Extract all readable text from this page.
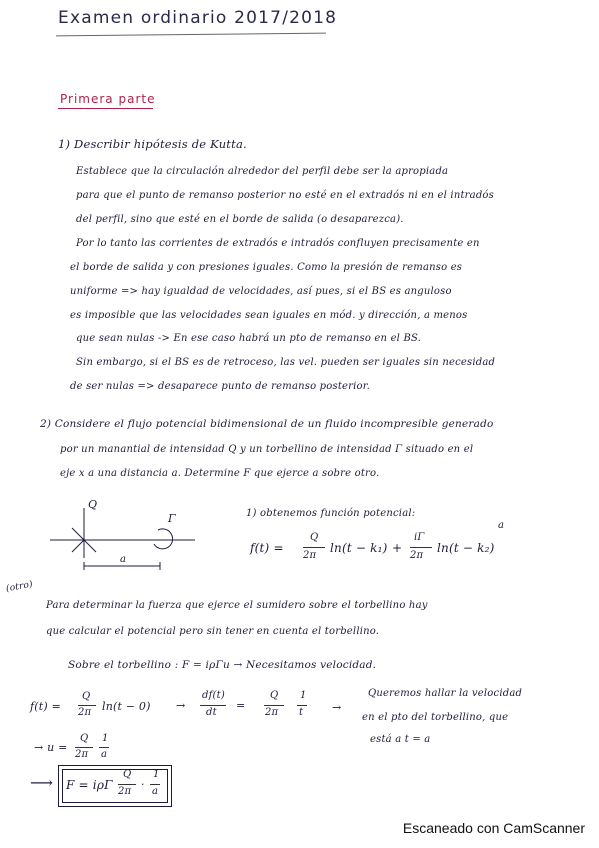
Examen ordinario 2017/2018
Primera parte
1) Describir hipótesis de Kutta.
Establece que la circulación alrededor del perfil debe ser la apropiada
para que el punto de remanso posterior no esté en el extradós ni en el intradós
del perfil, sino que esté en el borde de salida (o desaparezca).
Por lo tanto las corrientes de extradós e intradós confluyen precisamente en
el borde de salida y con presiones iguales. Como la presión de remanso es
uniforme => hay igualdad de velocidades, así pues, si el BS es anguloso
es imposible que las velocidades sean iguales en mód. y dirección, a menos
que sean nulas -> En ese caso habrá un pto de remanso en el BS.
Sin embargo, si el BS es de retroceso, las vel. pueden ser iguales sin necesidad
de ser nulas => desaparece punto de remanso posterior.
2) Considere el flujo potencial bidimensional de un fluido incompresible generado
por un manantial de intensidad Q y un torbellino de intensidad Γ situado en el
eje x a una distancia a. Determine F que ejerce a sobre otro.
Q
Γ
a
1) obtenemos función potencial:
f(t) =
Q
2π
ln(t − k₁) +
iΓ
2π
ln(t − k₂)
a
(otro)
Para determinar la fuerza que ejerce el sumidero sobre el torbellino hay
que calcular el potencial pero sin tener en cuenta el torbellino.
Sobre el torbellino : F = iρΓu → Necesitamos velocidad.
f(t) =
Q
2π ln(t − 0) →
df(t)
dt
=
Q
2π
1
t	→
Queremos hallar la velocidad
en el pto del torbellino, que
está a t = a
→ u =
Q
2π
1
a
⟶ F = iρΓ
Q
2π
·
1
a
Escaneado con CamScanner
